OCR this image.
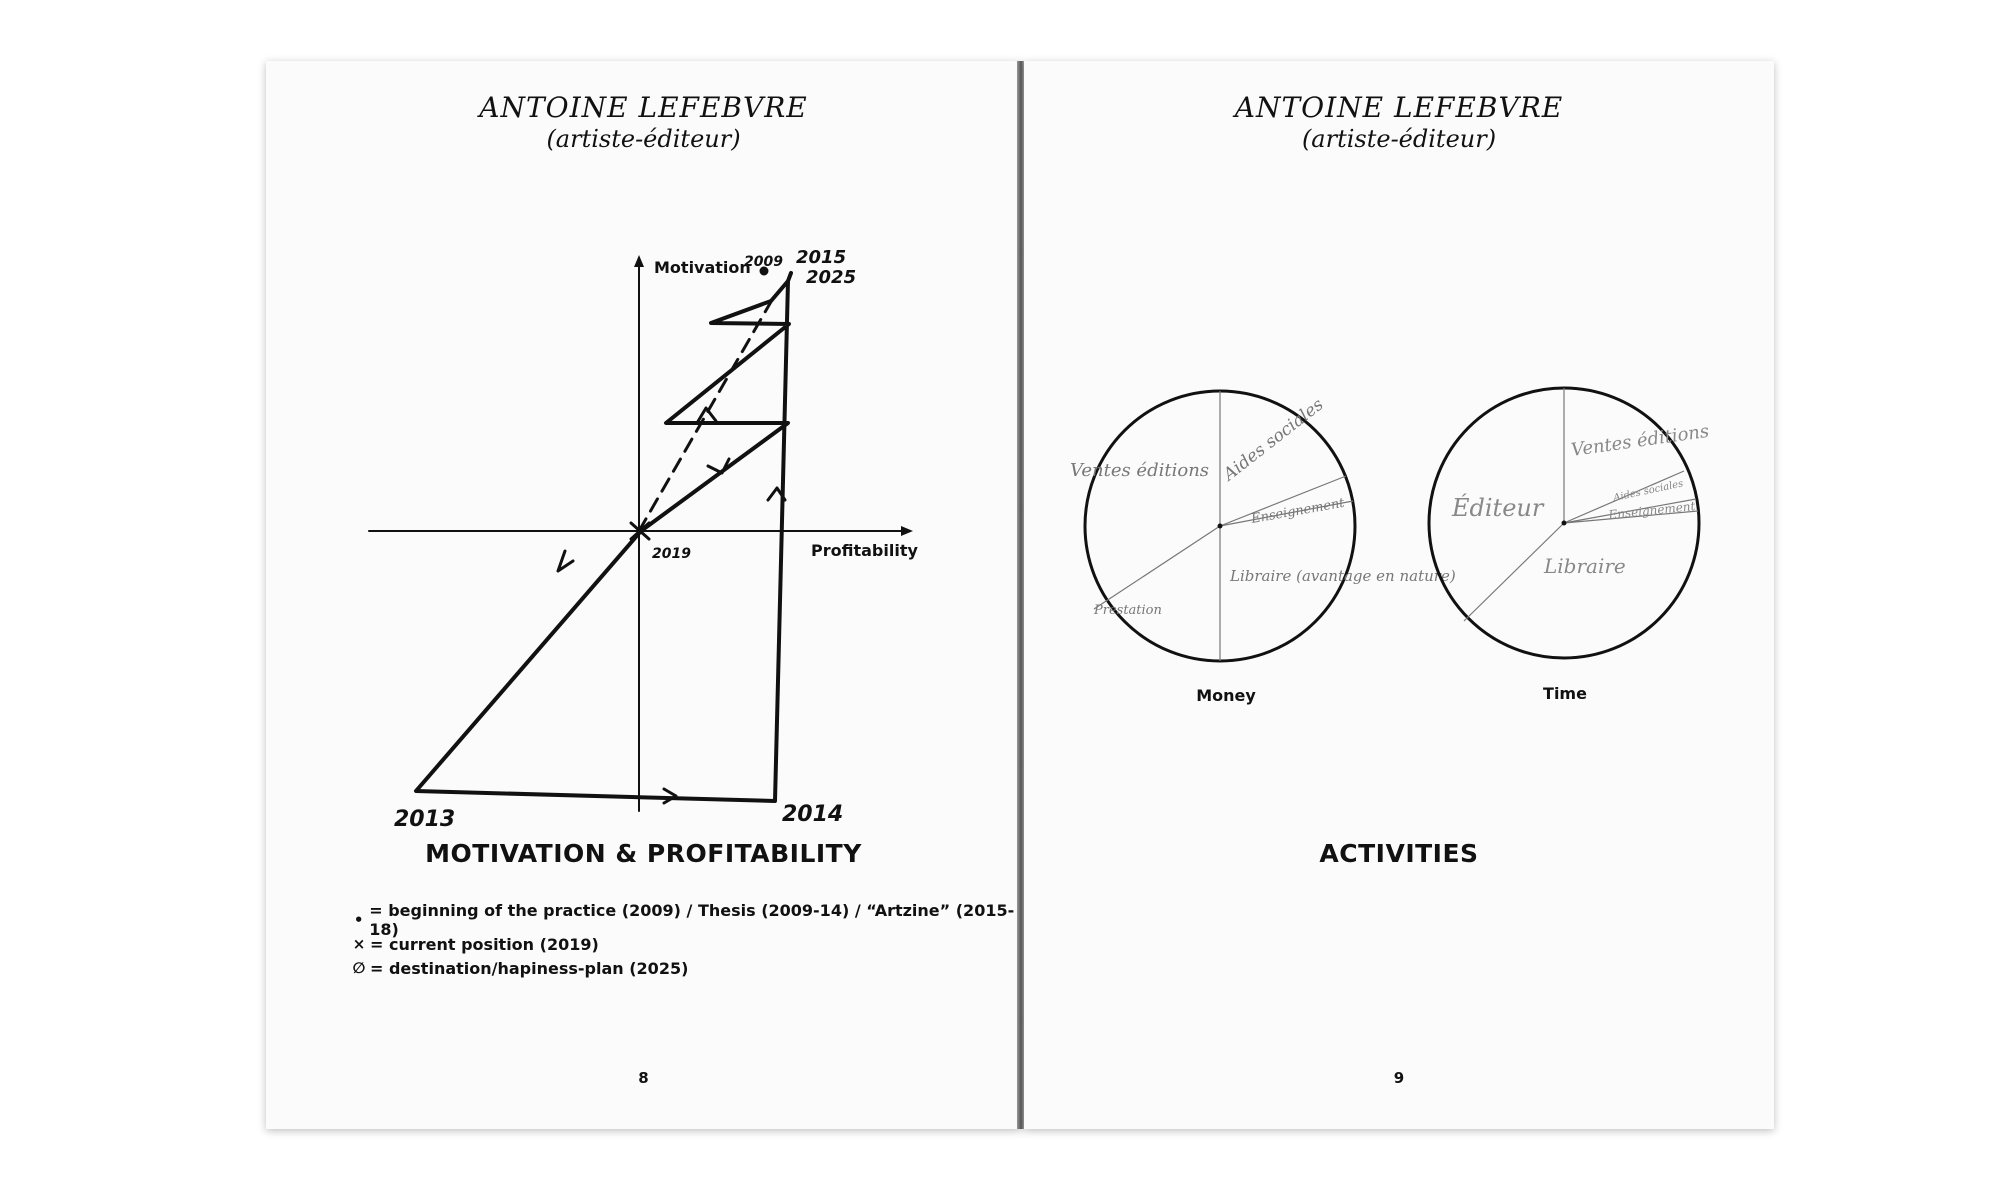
ANTOINE LEFEBVRE
(artiste-éditeur)
Motivation
Profitability
2009 2015
2025
2019
2013	2014
MOTIVATION & PROFITABILITY
• = beginning of the practice (2009) / Thesis (2009-14) / “Artzine” (2015-18)
× = current position (2019)
∅ = destination/hapiness-plan (2025)
8
ANTOINE LEFEBVRE
(artiste-éditeur)
Ventes éditions Aides sociales
Enseignement
Libraire (avantage en nature)
Prestation
Ventes éditions
Éditeur
Aides sociales
Enseignement
Libraire
Money	Time
ACTIVITIES
9
